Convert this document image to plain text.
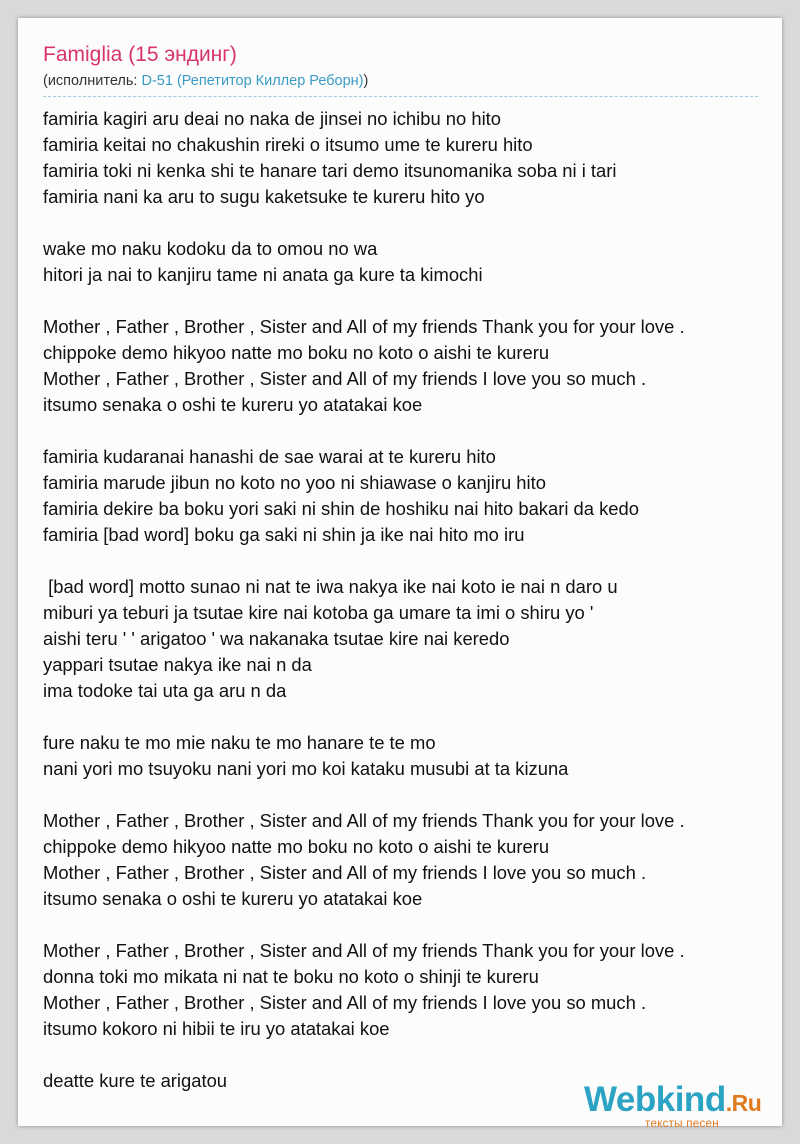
Famiglia (15 эндинг)
(исполнитель: D-51 (Репетитор Киллер Реборн))
famiria kagiri aru deai no naka de jinsei no ichibu no hito
famiria keitai no chakushin rireki o itsumo ume te kureru hito
famiria toki ni kenka shi te hanare tari demo itsunomanika soba ni i tari
famiria nani ka aru to sugu kaketsuke te kureru hito yo
wake mo naku kodoku da to omou no wa
hitori ja nai to kanjiru tame ni anata ga kure ta kimochi
Mother , Father , Brother , Sister and All of my friends Thank you for your love .
chippoke demo hikyoo natte mo boku no koto o aishi te kureru
Mother , Father , Brother , Sister and All of my friends I love you so much .
itsumo senaka o oshi te kureru yo atatakai koe
famiria kudaranai hanashi de sae warai at te kureru hito
famiria marude jibun no koto no yoo ni shiawase o kanjiru hito
famiria dekire ba boku yori saki ni shin de hoshiku nai hito bakari da kedo
famiria [bad word] boku ga saki ni shin ja ike nai hito mo iru
[bad word] motto sunao ni nat te iwa nakya ike nai koto ie nai n daro u
miburi ya teburi ja tsutae kire nai kotoba ga umare ta imi o shiru yo '
aishi teru ' ' arigatoo ' wa nakanaka tsutae kire nai keredo
yappari tsutae nakya ike nai n da
ima todoke tai uta ga aru n da
fure naku te mo mie naku te mo hanare te te mo
nani yori mo tsuyoku nani yori mo koi kataku musubi at ta kizuna
Mother , Father , Brother , Sister and All of my friends Thank you for your love .
chippoke demo hikyoo natte mo boku no koto o aishi te kureru
Mother , Father , Brother , Sister and All of my friends I love you so much .
itsumo senaka o oshi te kureru yo atatakai koe
Mother , Father , Brother , Sister and All of my friends Thank you for your love .
donna toki mo mikata ni nat te boku no koto o shinji te kureru
Mother , Father , Brother , Sister and All of my friends I love you so much .
itsumo kokoro ni hibii te iru yo atatakai koe
deatte kure te arigatou	Webkind.Ru
тексты песен
